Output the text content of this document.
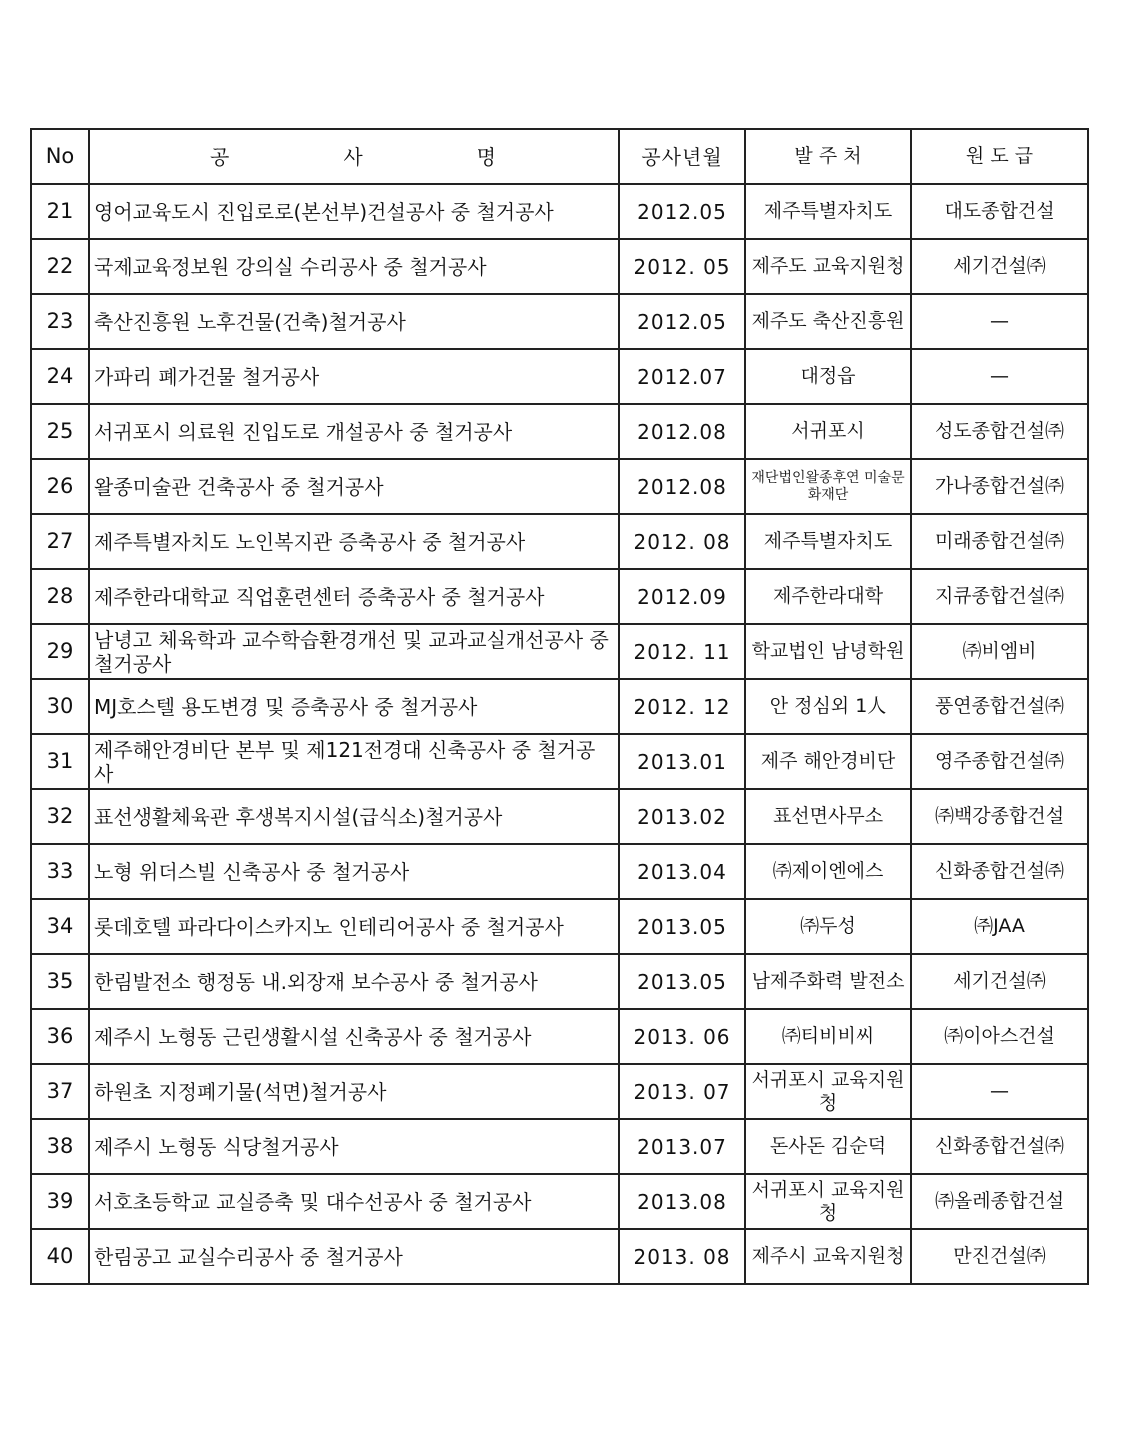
No	공 사 명	공사년월	발 주 처	원 도 급
21	영어교육도시 진입로로(본선부)건설공사 중 철거공사	2012.05	제주특별자치도	대도종합건설
22	국제교육정보원 강의실 수리공사 중 철거공사	2012. 05	제주도 교육지원청	세기건설㈜
23	축산진흥원 노후건물(건축)철거공사	2012.05	제주도 축산진흥원	—
24	가파리 폐가건물 철거공사	2012.07	대정읍	—
25	서귀포시 의료원 진입도로 개설공사 중 철거공사	2012.08	서귀포시	성도종합건설㈜
26	왈종미술관 건축공사 중 철거공사	2012.08	재단법인왈종후연 미술문화재단	가나종합건설㈜
27	제주특별자치도 노인복지관 증축공사 중 철거공사	2012. 08	제주특별자치도	미래종합건설㈜
28	제주한라대학교 직업훈련센터 증축공사 중 철거공사	2012.09	제주한라대학	지큐종합건설㈜
29	남녕고 체육학과 교수학습환경개선 및 교과교실개선공사 중 철거공사	2012. 11	학교법인 남녕학원	㈜비엠비
30	MJ호스텔 용도변경 및 증축공사 중 철거공사	2012. 12	안 정심외 1人	풍연종합건설㈜
31	제주해안경비단 본부 및 제121전경대 신축공사 중 철거공사	2013.01	제주 해안경비단	영주종합건설㈜
32	표선생활체육관 후생복지시설(급식소)철거공사	2013.02	표선면사무소	㈜백강종합건설
33	노형 위더스빌 신축공사 중 철거공사	2013.04	㈜제이엔에스	신화종합건설㈜
34	롯데호텔 파라다이스카지노 인테리어공사 중 철거공사	2013.05	㈜두성	㈜JAA
35	한림발전소 행정동 내.외장재 보수공사 중 철거공사	2013.05	남제주화력 발전소	세기건설㈜
36	제주시 노형동 근린생활시설 신축공사 중 철거공사	2013. 06	㈜티비비씨	㈜이아스건설
37	하원초 지정폐기물(석면)철거공사	2013. 07	서귀포시 교육지원청	—
38	제주시 노형동 식당철거공사	2013.07	돈사돈 김순덕	신화종합건설㈜
39	서호초등학교 교실증축 및 대수선공사 중 철거공사	2013.08	서귀포시 교육지원청	㈜올레종합건설
40	한림공고 교실수리공사 중 철거공사	2013. 08	제주시 교육지원청	만진건설㈜
